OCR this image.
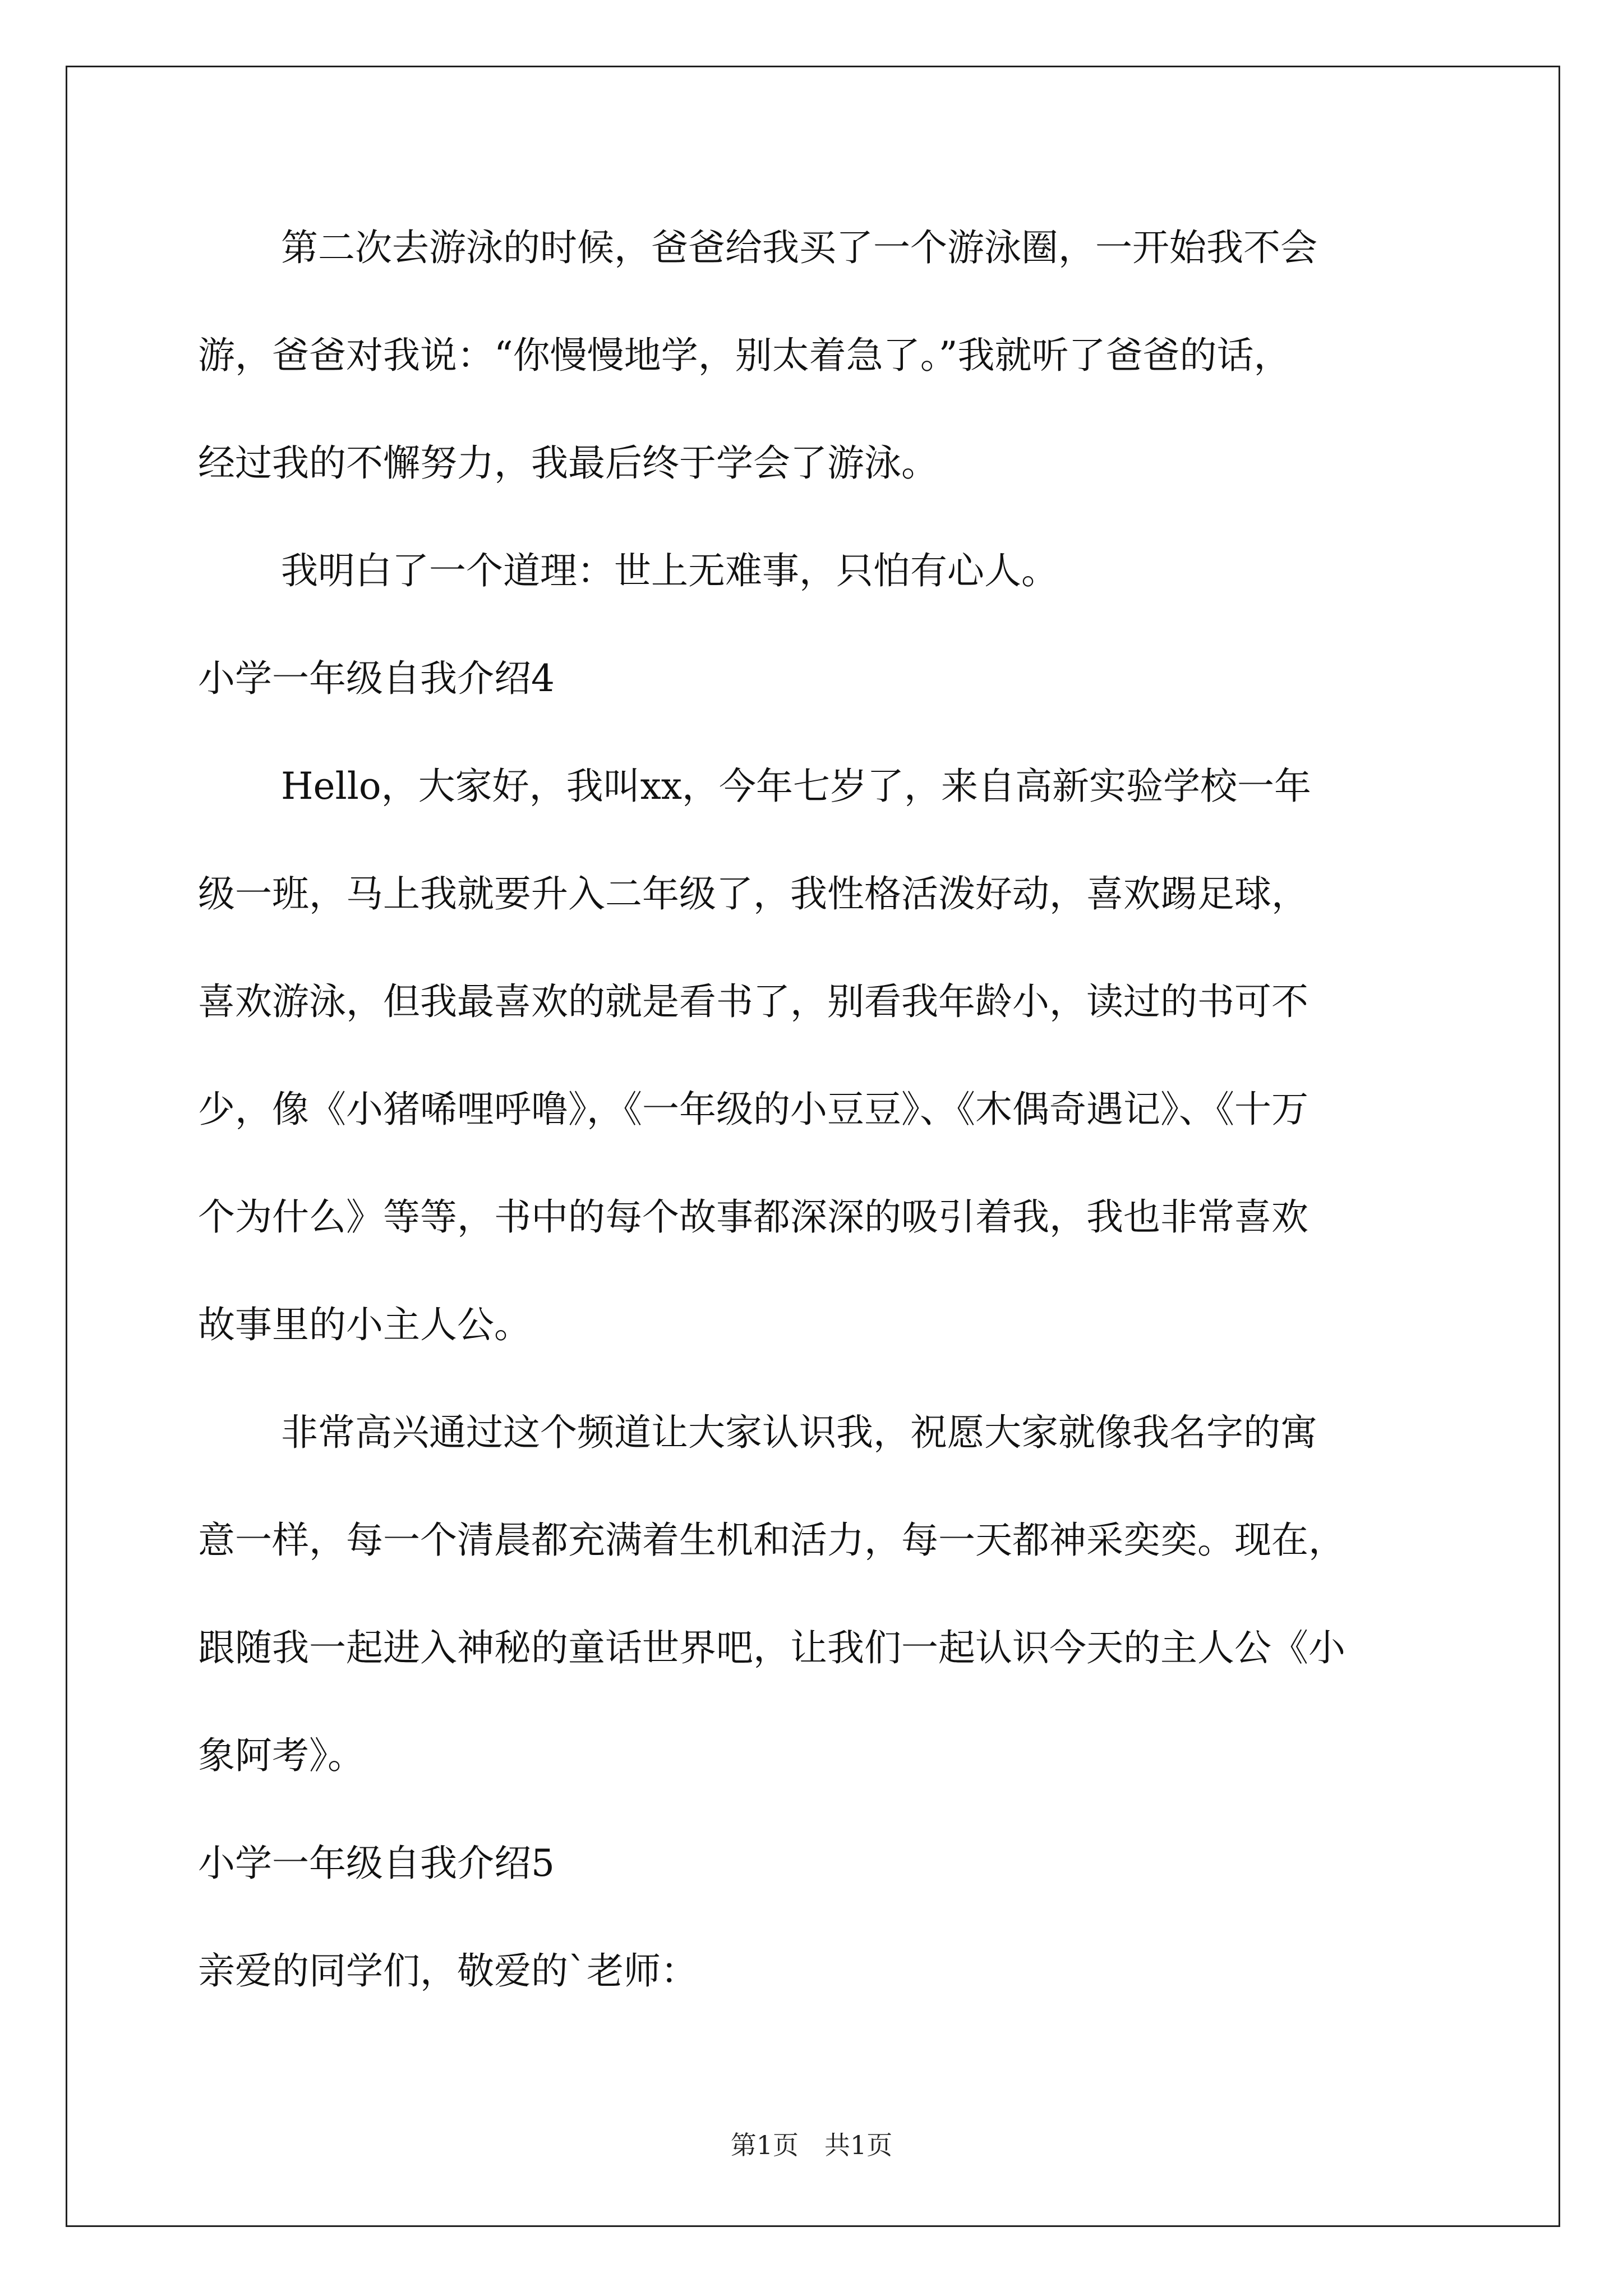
第二次去游泳的时候，爸爸给我买了一个游泳圈，一开始我不会
游，爸爸对我说：“你慢慢地学，别太着急了。”我就听了爸爸的话，
经过我的不懈努力，我最后终于学会了游泳。
我明白了一个道理：世上无难事，只怕有心人。
小学一年级自我介绍4
Hello，大家好，我叫xx，今年七岁了，来自高新实验学校一年
级一班，马上我就要升入二年级了，我性格活泼好动，喜欢踢足球，
喜欢游泳，但我最喜欢的就是看书了，别看我年龄小，读过的书可不
少，像《小猪唏哩呼噜》，《一年级的小豆豆》、《木偶奇遇记》、《十万
个为什么》等等，书中的每个故事都深深的吸引着我，我也非常喜欢
故事里的小主人公。
非常高兴通过这个频道让大家认识我，祝愿大家就像我名字的寓
意一样，每一个清晨都充满着生机和活力，每一天都神采奕奕。现在，
跟随我一起进入神秘的童话世界吧，让我们一起认识今天的主人公《小
象阿考》。
小学一年级自我介绍5
亲爱的同学们，敬爱的`老师：
第1页　共1页
